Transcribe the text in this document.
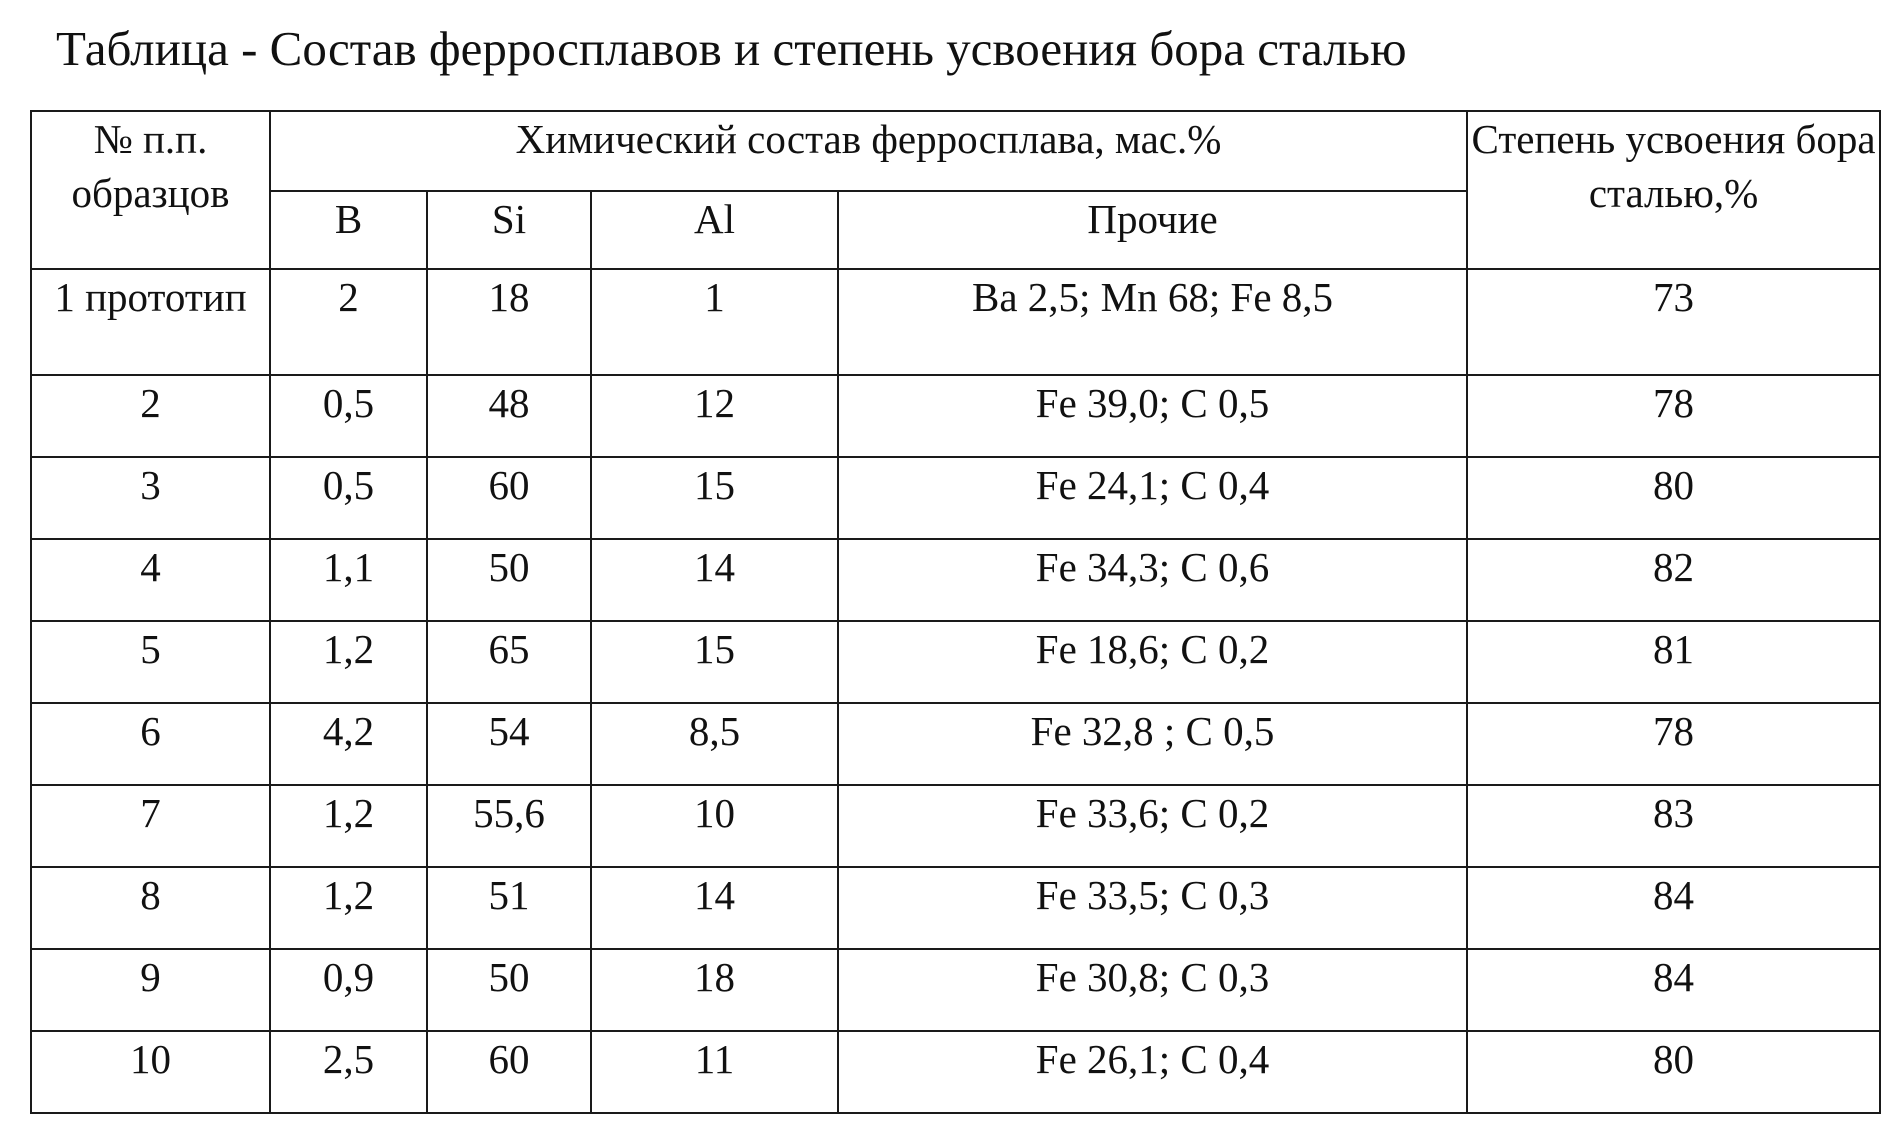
Таблица - Состав ферросплавов и степень усвоения бора сталью
№ п.п. образцов	Химический состав ферросплава, мас.%				Степень усвоения бора сталью,%
	B	Si	Al	Прочие	
1 прототип	2	18	1	Ba 2,5; Mn 68; Fe 8,5	73
2	0,5	48	12	Fe 39,0; C 0,5	78
3	0,5	60	15	Fe 24,1; C 0,4	80
4	1,1	50	14	Fe 34,3; C 0,6	82
5	1,2	65	15	Fe 18,6; C 0,2	81
6	4,2	54	8,5	Fe 32,8 ; C 0,5	78
7	1,2	55,6	10	Fe 33,6; C 0,2	83
8	1,2	51	14	Fe 33,5; C 0,3	84
9	0,9	50	18	Fe 30,8; C 0,3	84
10	2,5	60	11	Fe 26,1; C 0,4	80
